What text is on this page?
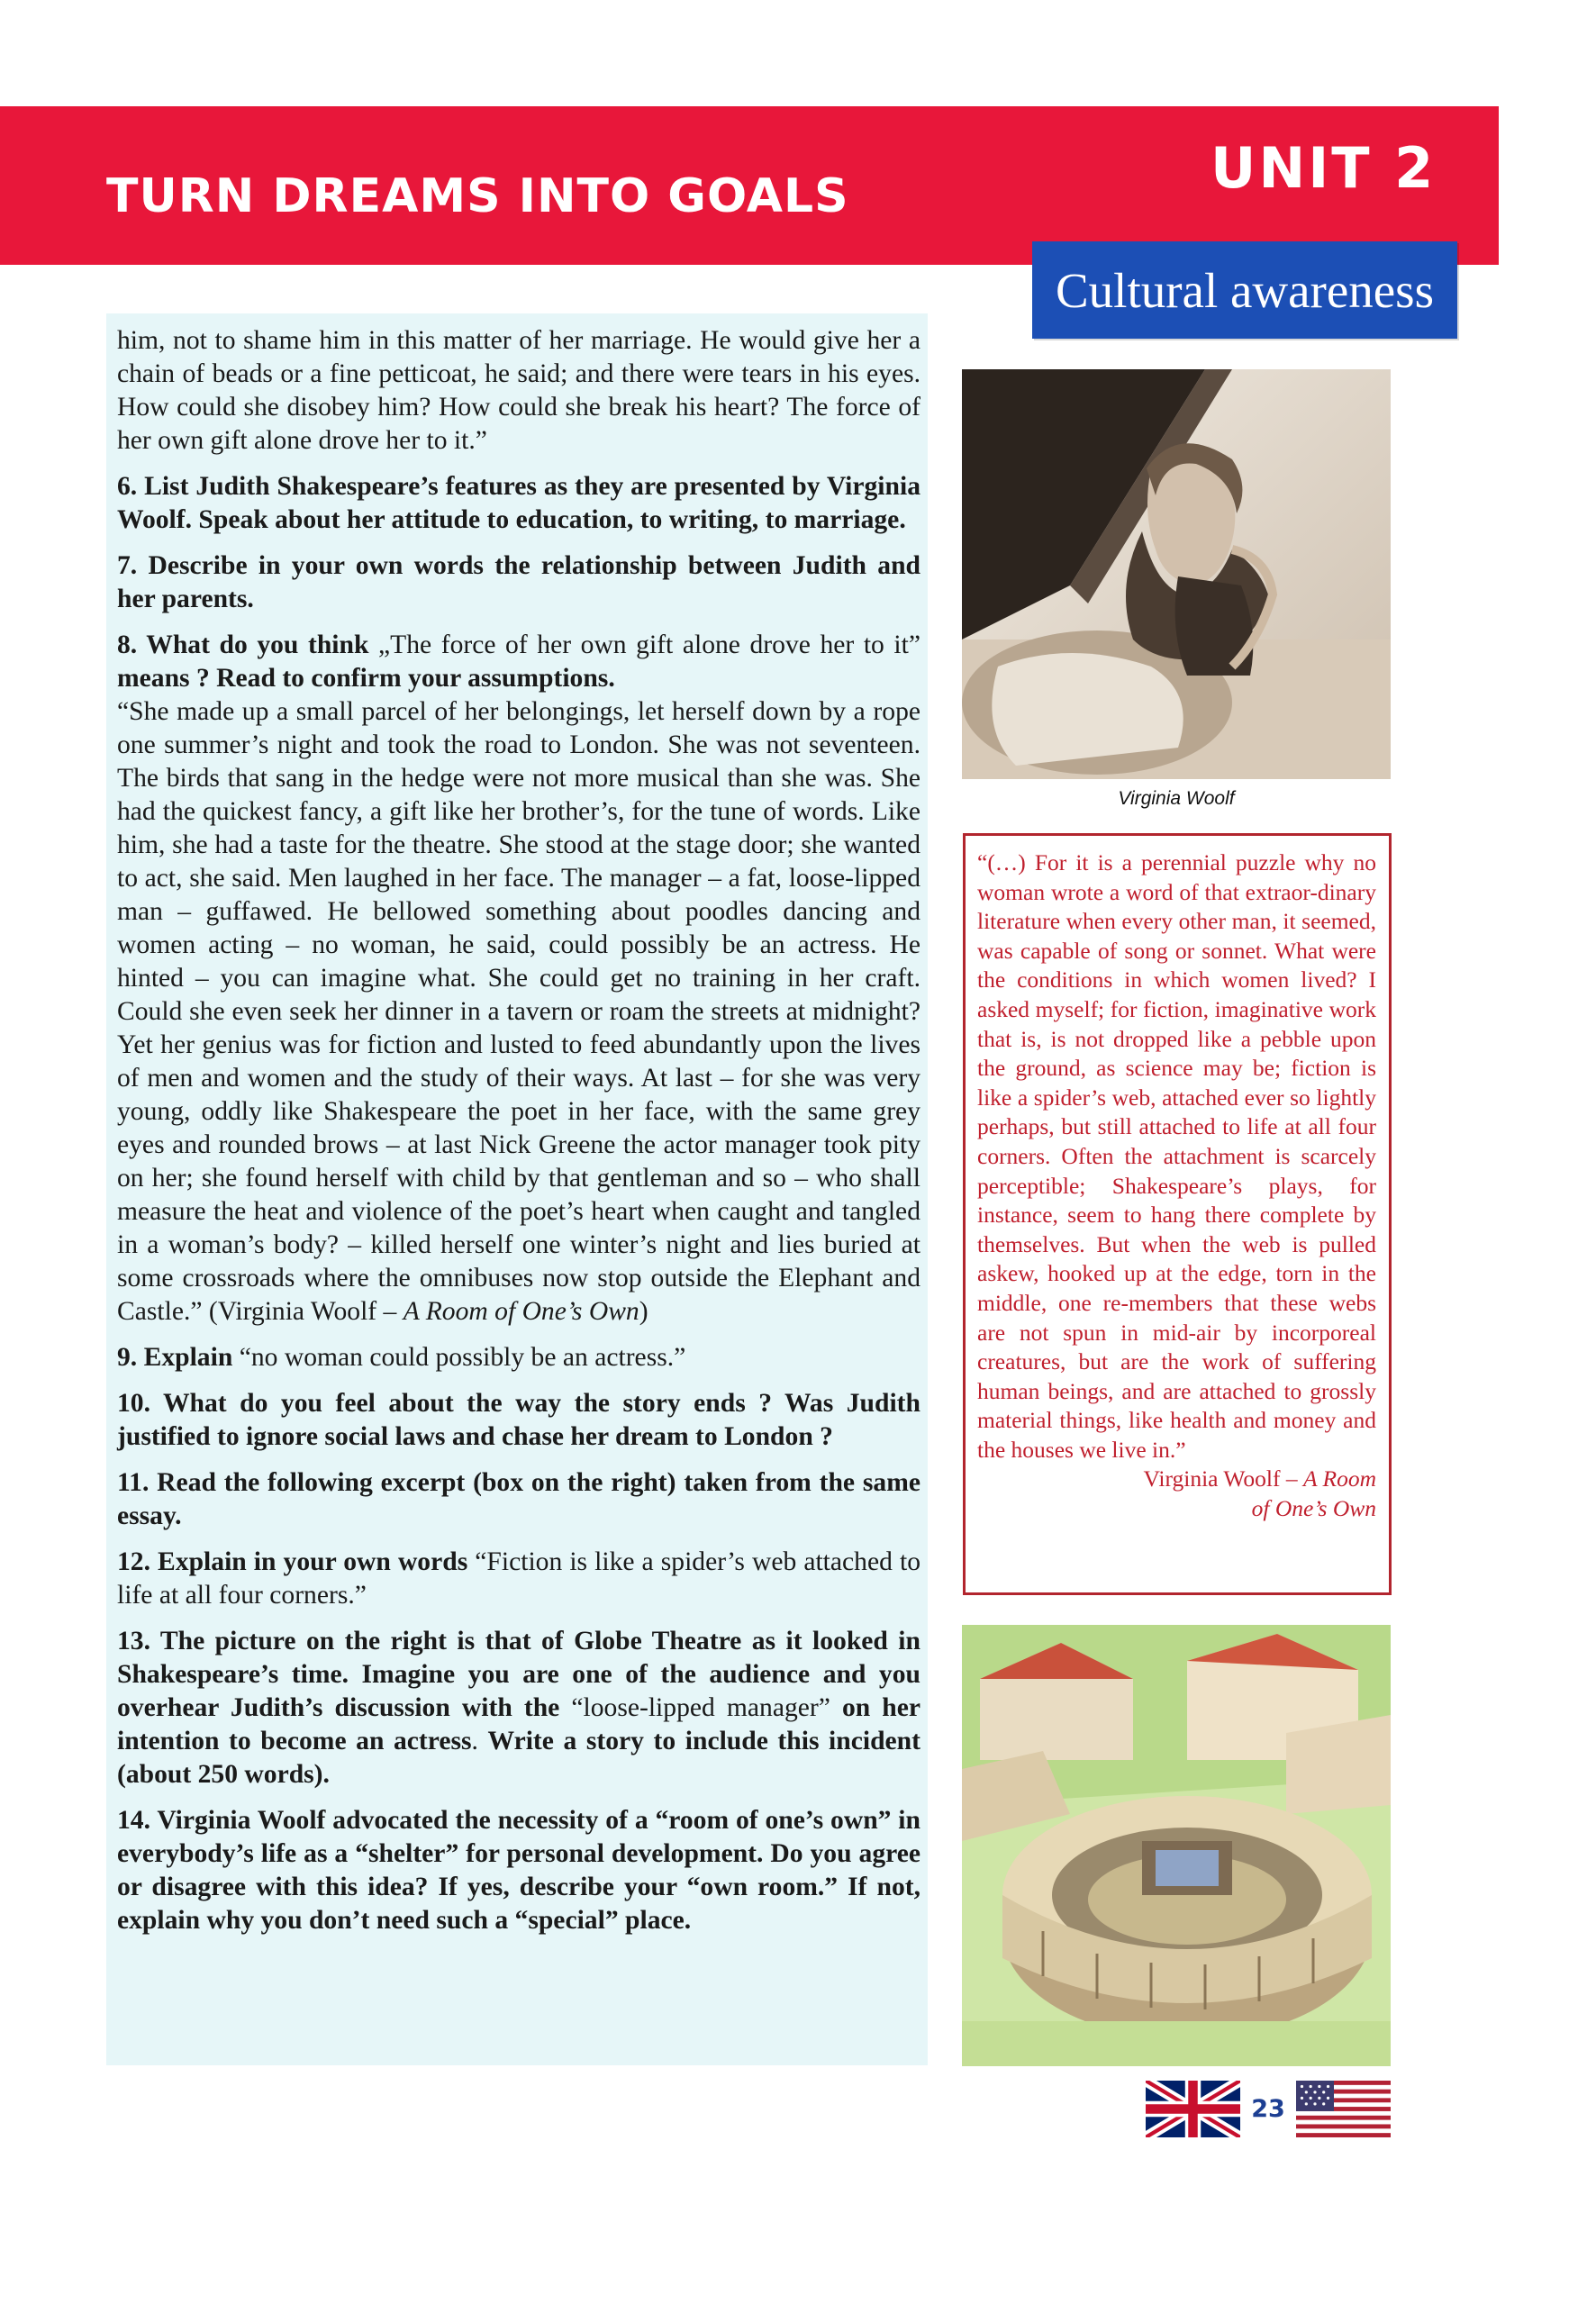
TURN DREAMS INTO GOALS	UNIT 2
Cultural awareness

him, not to shame him in this matter of her marriage. He would give her a chain of beads or a fine petticoat, he said; and there were tears in his eyes. How could she disobey him? How could she break his heart? The force of her own gift alone drove her to it.”

6. List Judith Shakespeare’s features as they are presented by Virginia Woolf. Speak about her attitude to education, to writing, to marriage.

7. Describe in your own words the relationship between Judith and her parents.

8. What do you think „The force of her own gift alone drove her to it” means ? Read to confirm your assumptions.

“She made up a small parcel of her belongings, let herself down by a rope one summer’s night and took the road to London. She was not seventeen. The birds that sang in the hedge were not more musical than she was. She had the quickest fancy, a gift like her brother’s, for the tune of words. Like him, she had a taste for the theatre. She stood at the stage door; she wanted to act, she said. Men laughed in her face. The manager – a fat, loose-lipped man – guffawed. He bellowed something about poodles dancing and women acting – no woman, he said, could possibly be an actress. He hinted – you can imagine what. She could get no training in her craft. Could she even seek her dinner in a tavern or roam the streets at midnight? Yet her genius was for fiction and lusted to feed abundantly upon the lives of men and women and the study of their ways. At last – for she was very young, oddly like Shakespeare the poet in her face, with the same grey eyes and rounded brows – at last Nick Greene the actor manager took pity on her; she found herself with child by that gentleman and so – who shall measure the heat and violence of the poet’s heart when caught and tangled in a woman’s body? – killed herself one winter’s night and lies buried at some crossroads where the omnibuses now stop outside the Elephant and Castle.” (Virginia Woolf – A Room of One’s Own)

9. Explain “no woman could possibly be an actress.”

10. What do you feel about the way the story ends ? Was Judith justified to ignore social laws and chase her dream to London ?

11. Read the following excerpt (box on the right) taken from the same essay.

12. Explain in your own words “Fiction is like a spider’s web attached to life at all four corners.”

13. The picture on the right is that of Globe Theatre as it looked in Shakespeare’s time. Imagine you are one of the audience and you overhear Judith’s discussion with the “loose-lipped manager” on her intention to become an actress. Write a story to include this incident (about 250 words).

14. Virginia Woolf advocated the necessity of a “room of one’s own” in everybody’s life as a “shelter” for personal development. Do you agree or disagree with this idea? If yes, describe your “own room.” If not, explain why you don’t need such a “special” place.

Virginia Woolf
“(…) For it is a perennial puzzle why no woman wrote a word of that extraor-dinary literature when every other man, it seemed, was capable of song or sonnet. What were the conditions in which women lived? I asked myself; for fiction, imaginative work that is, is not dropped like a pebble upon the ground, as science may be; fiction is like a spider’s web, attached ever so lightly perhaps, but still attached to life at all four corners. Often the attachment is scarcely perceptible; Shakespeare’s plays, for instance, seem to hang there complete by themselves. But when the web is pulled askew, hooked up at the edge, torn in the middle, one re-members that these webs are not spun in mid-air by incorporeal creatures, but are the work of suffering human beings, and are attached to grossly material things, like health and money and the houses we live in.”
Virginia Woolf – A Room
of One’s Own
23
